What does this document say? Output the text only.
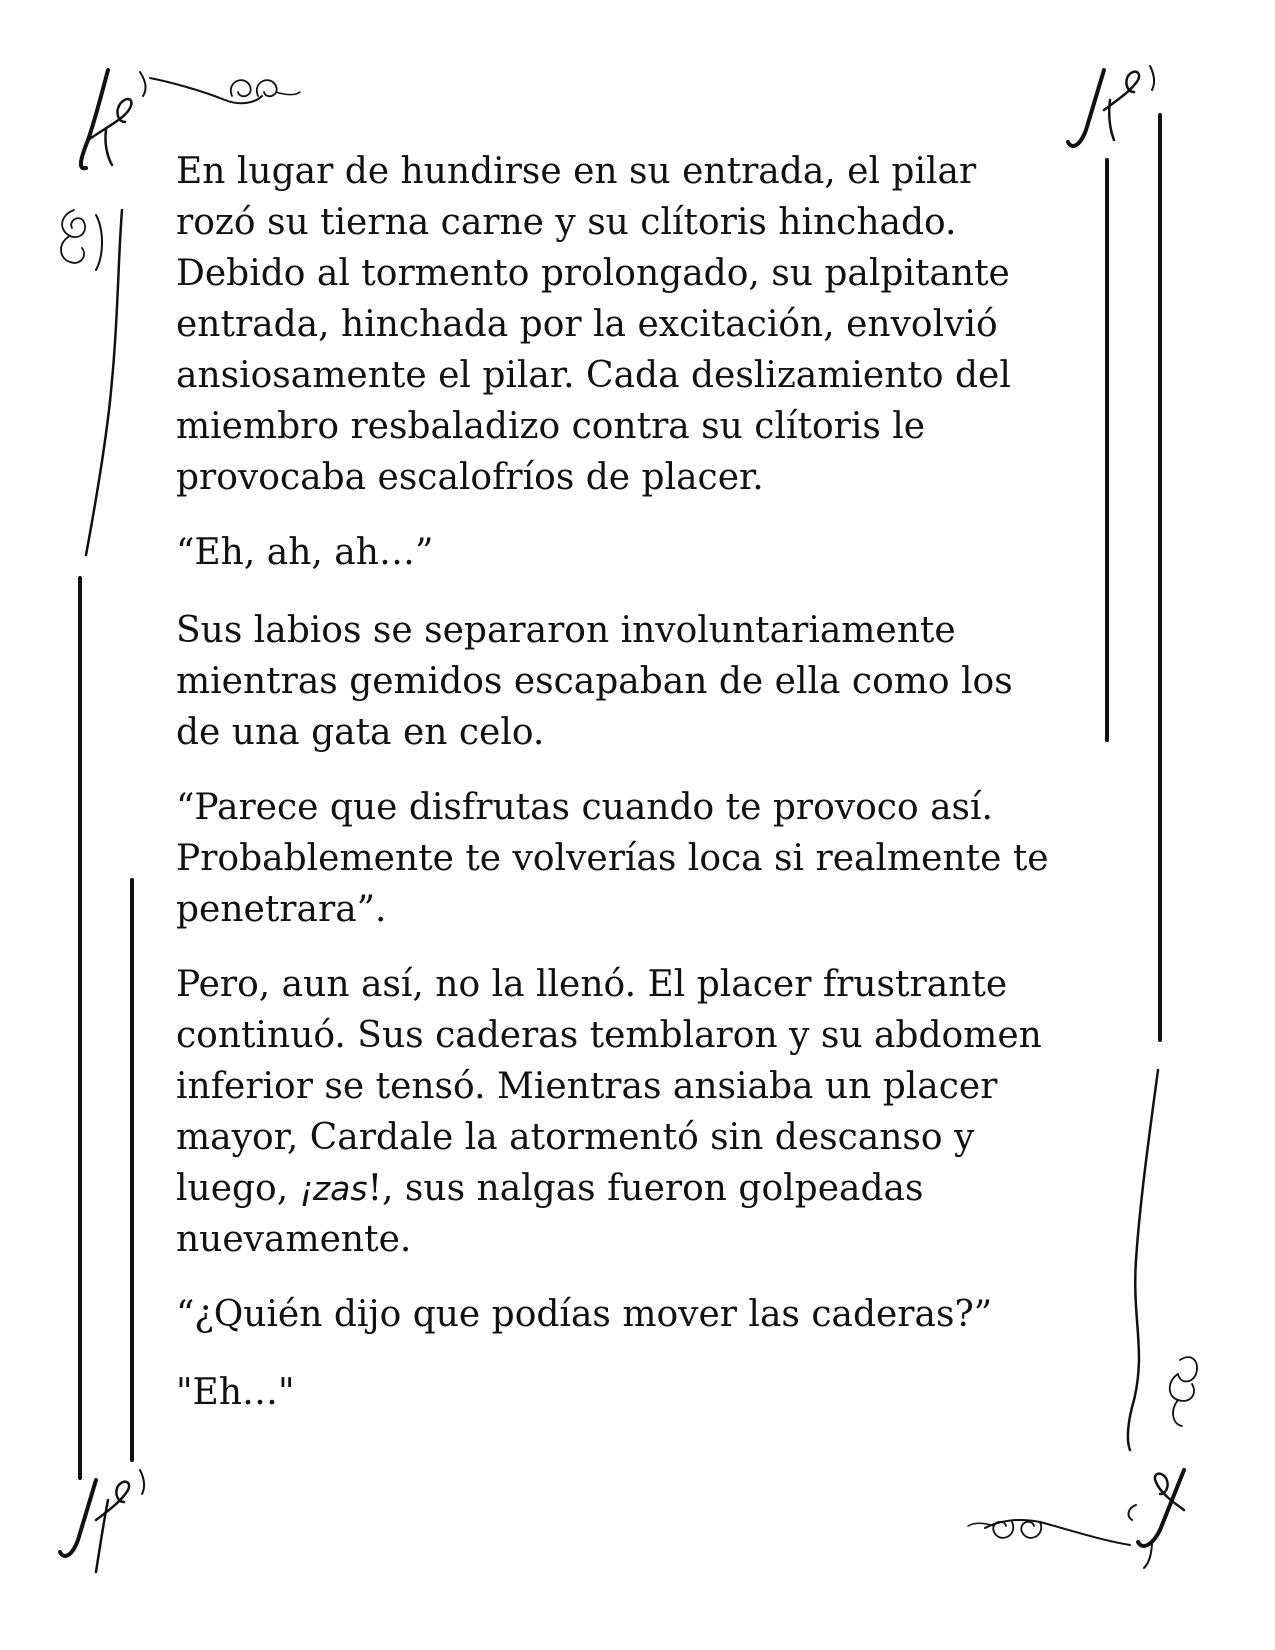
En lugar de hundirse en su entrada, el pilar
rozó su tierna carne y su clítoris hinchado.
Debido al tormento prolongado, su palpitante
entrada, hinchada por la excitación, envolvió
ansiosamente el pilar. Cada deslizamiento del
miembro resbaladizo contra su clítoris le
provocaba escalofríos de placer.

“Eh, ah, ah…”

Sus labios se separaron involuntariamente
mientras gemidos escapaban de ella como los
de una gata en celo.

“Parece que disfrutas cuando te provoco así.
Probablemente te volverías loca si realmente te
penetrara”.

Pero, aun así, no la llenó. El placer frustrante
continuó. Sus caderas temblaron y su abdomen
inferior se tensó. Mientras ansiaba un placer
mayor, Cardale la atormentó sin descanso y
luego, ¡zas!, sus nalgas fueron golpeadas
nuevamente.

“¿Quién dijo que podías mover las caderas?”

"Eh…"
